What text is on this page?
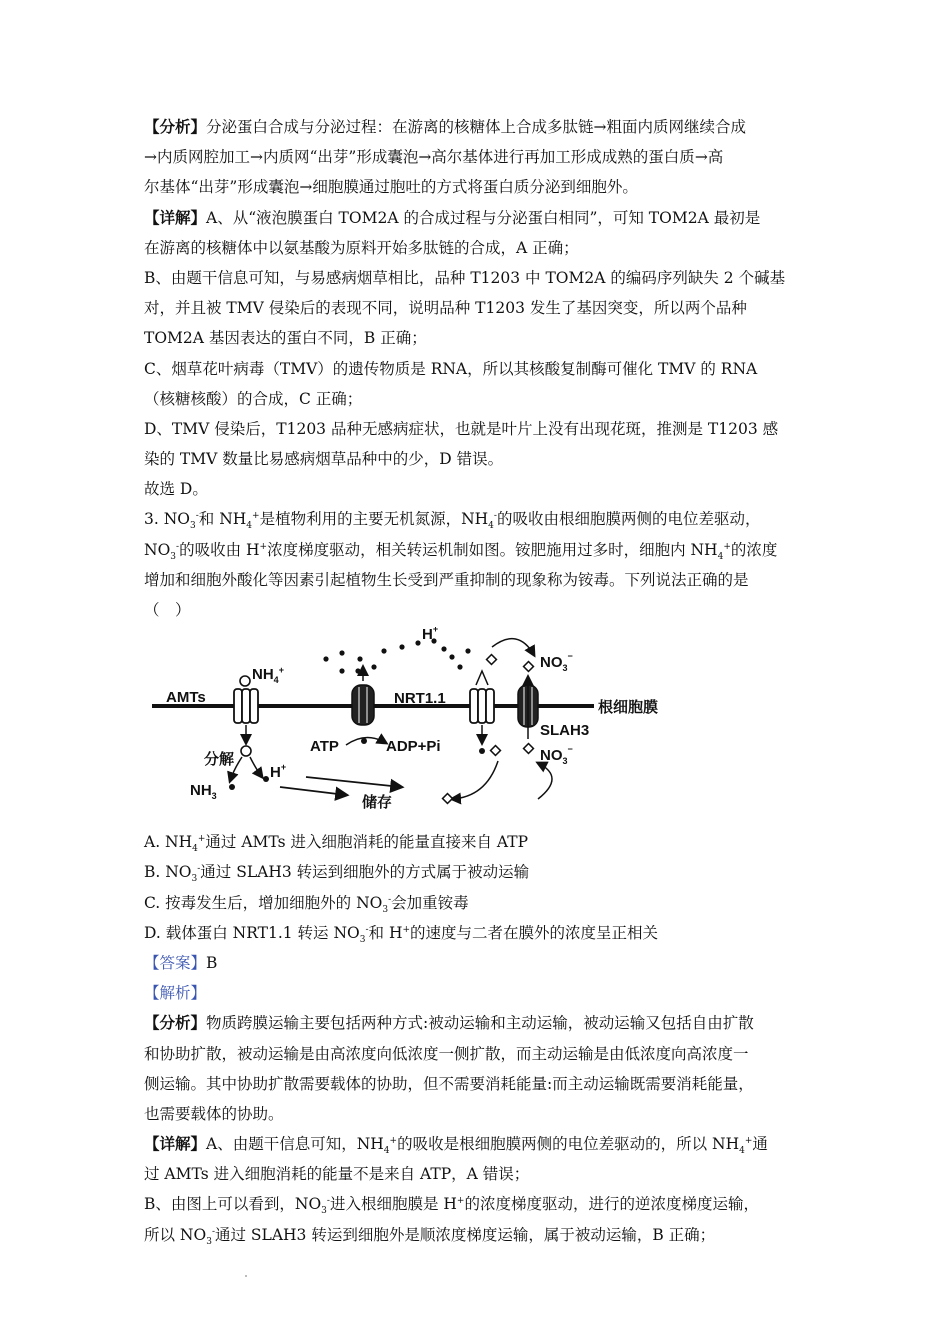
【分析】分泌蛋白合成与分泌过程：在游离的核糖体上合成多肽链→粗面内质网继续合成
→内质网腔加工→内质网“出芽”形成囊泡→高尔基体进行再加工形成成熟的蛋白质→高
尔基体“出芽”形成囊泡→细胞膜通过胞吐的方式将蛋白质分泌到细胞外。
【详解】A、从“液泡膜蛋白 TOM2A 的合成过程与分泌蛋白相同”，可知 TOM2A 最初是
在游离的核糖体中以氨基酸为原料开始多肽链的合成，A 正确；
B、由题干信息可知，与易感病烟草相比，品种 T1203 中 TOM2A 的编码序列缺失 2 个碱基
对，并且被 TMV 侵染后的表现不同，说明品种 T1203 发生了基因突变，所以两个品种
TOM2A 基因表达的蛋白不同，B 正确；
C、烟草花叶病毒（TMV）的遗传物质是 RNA，所以其核酸复制酶可催化 TMV 的 RNA
（核糖核酸）的合成，C 正确；
D、TMV 侵染后，T1203 品种无感病症状，也就是叶片上没有出现花斑，推测是 T1203 感
染的 TMV 数量比易感病烟草品种中的少，D 错误。
故选 D。
3. $NO_3^-$和 $NH_4^+$是植物利用的主要无机氮源，$NH_4^-$的吸收由根细胞膜两侧的电位差驱动，
$NO_3^-$的吸收由 H+浓度梯度驱动，相关转运机制如图。铵肥施用过多时，细胞内 $NH_4^+$的浓度
增加和细胞外酸化等因素引起植物生长受到严重抑制的现象称为铵毒。下列说法正确的是
（　）
根细胞膜
AMTs
$NH_4^+$
分解
$NH_3$
H+
H+
ATP	ADP+Pi
储存
NRT1.1
$NO_3^-$
SLAH3
$NO_3^-$
A. $NH_4^+$通过 AMTs 进入细胞消耗的能量直接来自 ATP
B. $NO_3^-$通过 SLAH3 转运到细胞外的方式属于被动运输
C. 按毒发生后，增加细胞外的 $NO_3^-$会加重铵毒
D. 载体蛋白 NRT1.1 转运 $NO_3^-$和 H+的速度与二者在膜外的浓度呈正相关
【答案】B
【解析】
【分析】物质跨膜运输主要包括两种方式:被动运输和主动运输，被动运输又包括自由扩散
和协助扩散，被动运输是由高浓度向低浓度一侧扩散，而主动运输是由低浓度向高浓度一
侧运输。其中协助扩散需要载体的协助，但不需要消耗能量:而主动运输既需要消耗能量，
也需要载体的协助。
【详解】A、由题干信息可知，$NH_4^+$的吸收是根细胞膜两侧的电位差驱动的，所以 $NH_4^+$通
过 AMTs 进入细胞消耗的能量不是来自 ATP，A 错误；
B、由图上可以看到，$NO_3^-$进入根细胞膜是 H+的浓度梯度驱动，进行的逆浓度梯度运输，
所以 $NO_3^-$通过 SLAH3 转运到细胞外是顺浓度梯度运输，属于被动运输，B 正确；
